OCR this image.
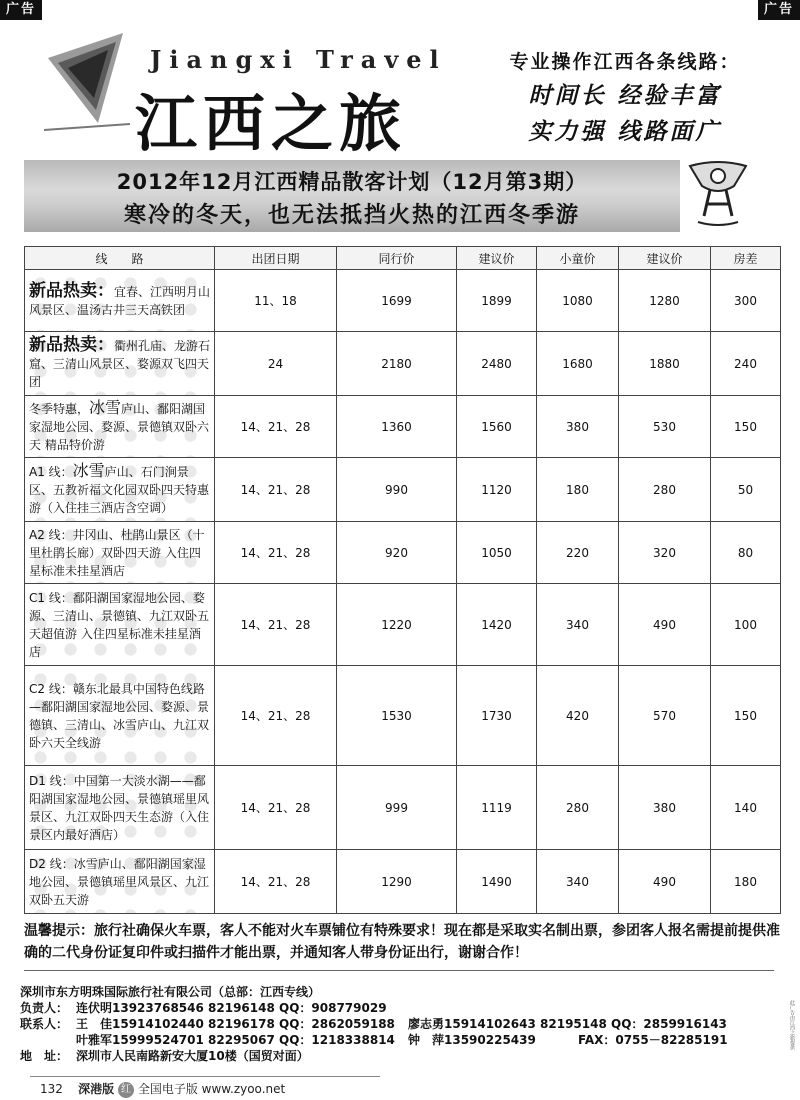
广告	广告
Jiangxi Travel
江西之旅
专业操作江西各条线路：
时间长 经验丰富
实力强 线路面广
2012年12月江西精品散客计划（12月第3期）
寒冷的冬天，也无法抵挡火热的江西冬季游
线　　路	出团日期	同行价	建议价	小童价	建议价	房差
新品热卖：宜春、江西明月山风景区、温汤古井三天高铁团	11、18	1699	1899	1080	1280	300
新品热卖：衢州孔庙、龙游石窟、三清山风景区、婺源双飞四天团	24	2180	2480	1680	1880	240
冬季特惠，冰雪庐山、鄱阳湖国家湿地公园、婺源、景德镇双卧六天 精品特价游	14、21、28	1360	1560	380	530	150
A1 线：冰雪庐山、石门涧景区、五教祈福文化园双卧四天特惠游（入住挂三酒店含空调）	14、21、28	990	1120	180	280	50
A2 线：井冈山、杜鹃山景区（十里杜鹃长廊）双卧四天游 入住四星标准未挂星酒店	14、21、28	920	1050	220	320	80
C1 线：鄱阳湖国家湿地公园、婺源、三清山、景德镇、九江双卧五天超值游 入住四星标准未挂星酒店	14、21、28	1220	1420	340	490	100
C2 线：赣东北最具中国特色线路—鄱阳湖国家湿地公园、婺源、景德镇、三清山、冰雪庐山、九江双卧六天全线游	14、21、28	1530	1730	420	570	150
D1 线：中国第一大淡水湖——鄱阳湖国家湿地公园、景德镇瑶里风景区、九江双卧四天生态游（入住景区内最好酒店）	14、21、28	999	1119	280	380	140
D2 线：冰雪庐山、鄱阳湖国家湿地公园、景德镇瑶里风景区、九江双卧五天游	14、21、28	1290	1490	340	490	180
温馨提示：旅行社确保火车票，客人不能对火车票铺位有特殊要求！现在都是采取实名制出票，参团客人报名需提前提供准确的二代身份证复印件或扫描件才能出票，并通知客人带身份证出行，谢谢合作！
深圳市东方明珠国际旅行社有限公司（总部：江西专线）
负责人： 连伏明13923768546 82196148 QQ：908779029
联系人： 王　佳15914102440 82196178 QQ：2862059188 廖志勇15914102643 82195148 QQ：2859916143
叶雅军15999524701 82295067 QQ：1218338814 钟　萍13590225439	FAX：0755－82285191
地　址： 深圳市人民南路新安大厦10楼（国贸对面）
此广告由江西之旅提供
132 深港版 红 全国电子版 www.zyoo.net
